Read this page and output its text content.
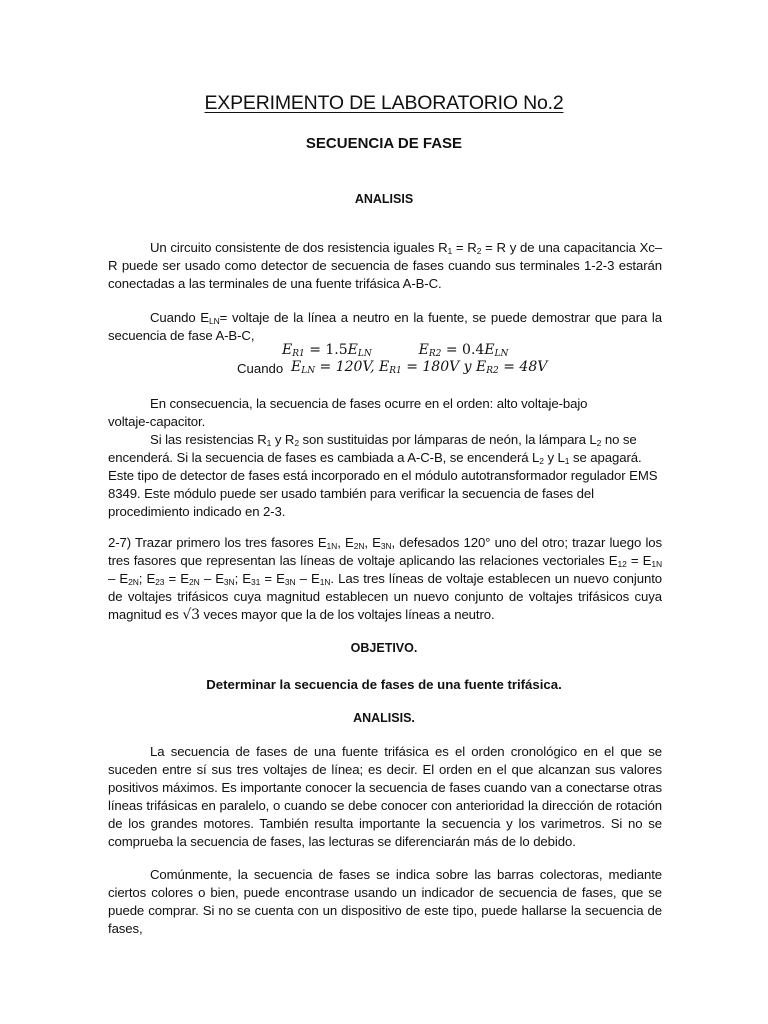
EXPERIMENTO DE LABORATORIO No.2
SECUENCIA DE FASE
ANALISIS
Un circuito consistente de dos resistencia iguales $R_1 = R_2 = R$ y de una capacitancia Xc–R puede ser usado como detector de secuencia de fases cuando sus terminales 1-2-3 estarán conectadas a las terminales de una fuente trifásica A-B-C.
Cuando $E_{LN}=$ voltaje de la línea a neutro en la fuente, se puede demostrar que para la secuencia de fase A-B-C,
$E_{R1} = 1.5E_{LN}$	$E_{R2} = 0.4E_{LN}$
Cuando $E_{LN} = 120V$, $E_{R1} = 180V$ y $E_{R2} = 48V$
En consecuencia, la secuencia de fases ocurre en el orden: alto voltaje-bajo voltaje-capacitor.
Si las resistencias $R_1$ y $R_2$ son sustituidas por lámparas de neón, la lámpara $L_2$ no se encenderá. Si la secuencia de fases es cambiada a A-C-B, se encenderá $L_2$ y $L_1$ se apagará. Este tipo de detector de fases está incorporado en el módulo autotransformador regulador EMS 8349. Este módulo puede ser usado también para verificar la secuencia de fases del procedimiento indicado en 2-3.
2-7) Trazar primero los tres fasores $E_{1N}$, $E_{2N}$, $E_{3N}$, defesados 120° uno del otro; trazar luego los tres fasores que representan las líneas de voltaje aplicando las relaciones vectoriales $E_{12} = E_{1N} - E_{2N}$; $E_{23} = E_{2N} - E_{3N}$; $E_{31} = E_{3N} - E_{1N}$. Las tres líneas de voltaje establecen un nuevo conjunto de voltajes trifásicos cuya magnitud establecen un nuevo conjunto de voltajes trifásicos cuya magnitud es √3 veces mayor que la de los voltajes líneas a neutro.
OBJETIVO.
Determinar la secuencia de fases de una fuente trifásica.
ANALISIS.
La secuencia de fases de una fuente trifásica es el orden cronológico en el que se suceden entre sí sus tres voltajes de línea; es decir. El orden en el que alcanzan sus valores positivos máximos. Es importante conocer la secuencia de fases cuando van a conectarse otras líneas trifásicas en paralelo, o cuando se debe conocer con anterioridad la dirección de rotación de los grandes motores. También resulta importante la secuencia y los varimetros. Si no se comprueba la secuencia de fases, las lecturas se diferenciarán más de lo debido.
Comúnmente, la secuencia de fases se indica sobre las barras colectoras, mediante ciertos colores o bien, puede encontrase usando un indicador de secuencia de fases, que se puede comprar. Si no se cuenta con un dispositivo de este tipo, puede hallarse la secuencia de fases,
